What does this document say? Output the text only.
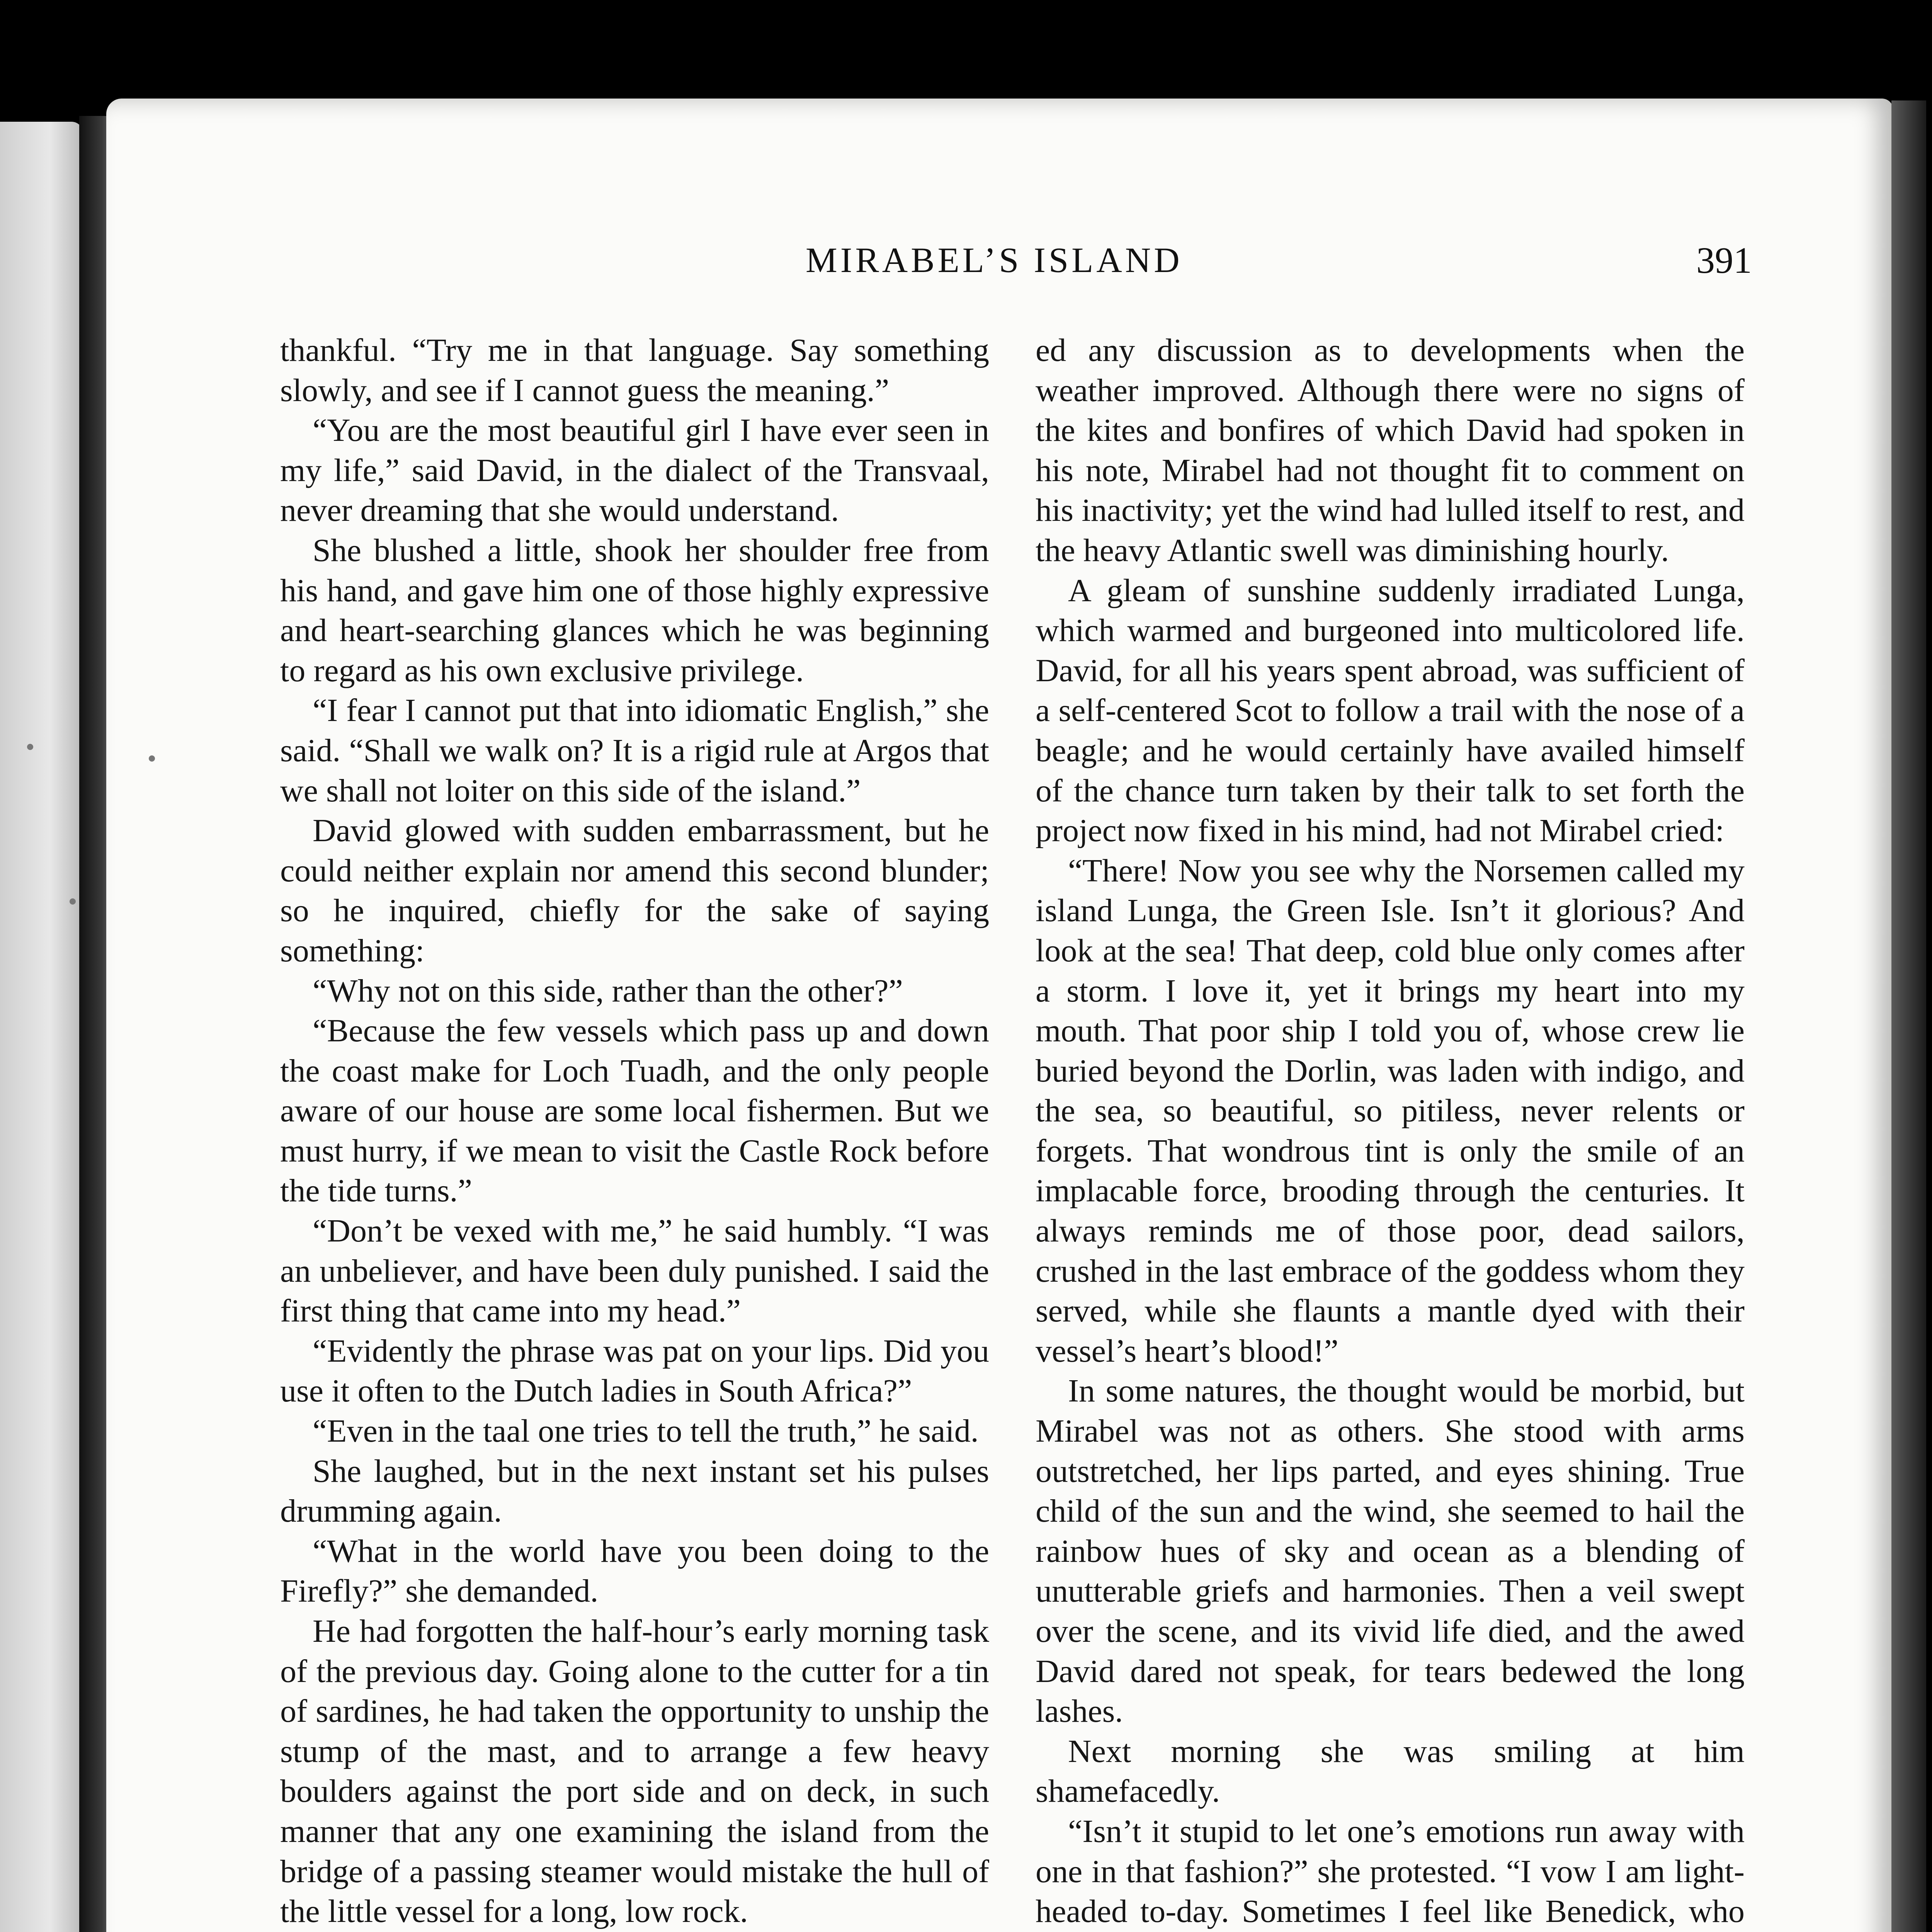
MIRABEL’S ISLAND	391

thankful. “Try me in that language. Say something slowly, and see if I cannot guess the meaning.”

“You are the most beautiful girl I have ever seen in my life,” said David, in the dialect of the Transvaal, never dreaming that she would understand.

She blushed a little, shook her shoulder free from his hand, and gave him one of those highly expressive and heart-searching glances which he was beginning to regard as his own exclusive privilege.

“I fear I cannot put that into idiomatic English,” she said. “Shall we walk on? It is a rigid rule at Argos that we shall not loiter on this side of the island.”

David glowed with sudden embarrassment, but he could neither explain nor amend this second blunder; so he inquired, chiefly for the sake of saying something:

“Why not on this side, rather than the other?”

“Because the few vessels which pass up and down the coast make for Loch Tuadh, and the only people aware of our house are some local fishermen. But we must hurry, if we mean to visit the Castle Rock before the tide turns.”

“Don’t be vexed with me,” he said humbly. “I was an unbeliever, and have been duly punished. I said the first thing that came into my head.”

“Evidently the phrase was pat on your lips. Did you use it often to the Dutch ladies in South Africa?”

“Even in the taal one tries to tell the truth,” he said.

She laughed, but in the next instant set his pulses drumming again.

“What in the world have you been doing to the Firefly?” she demanded.

He had forgotten the half-hour’s early morning task of the previous day. Going alone to the cutter for a tin of sardines, he had taken the opportunity to unship the stump of the mast, and to arrange a few heavy boulders against the port side and on deck, in such manner that any one examining the island from the bridge of a passing steamer would mistake the hull of the little vessel for a long, low rock.

ed any discussion as to developments when the weather improved. Although there were no signs of the kites and bonfires of which David had spoken in his note, Mirabel had not thought fit to comment on his inactivity; yet the wind had lulled itself to rest, and the heavy Atlantic swell was diminishing hourly.

A gleam of sunshine suddenly irradiated Lunga, which warmed and burgeoned into multicolored life. David, for all his years spent abroad, was sufficient of a self-centered Scot to follow a trail with the nose of a beagle; and he would certainly have availed himself of the chance turn taken by their talk to set forth the project now fixed in his mind, had not Mirabel cried:

“There! Now you see why the Norsemen called my island Lunga, the Green Isle. Isn’t it glorious? And look at the sea! That deep, cold blue only comes after a storm. I love it, yet it brings my heart into my mouth. That poor ship I told you of, whose crew lie buried beyond the Dorlin, was laden with indigo, and the sea, so beautiful, so pitiless, never relents or forgets. That wondrous tint is only the smile of an implacable force, brooding through the centuries. It always reminds me of those poor, dead sailors, crushed in the last embrace of the goddess whom they served, while she flaunts a mantle dyed with their vessel’s heart’s blood!”

In some natures, the thought would be morbid, but Mirabel was not as others. She stood with arms outstretched, her lips parted, and eyes shining. True child of the sun and the wind, she seemed to hail the rainbow hues of sky and ocean as a blending of unutterable griefs and harmonies. Then a veil swept over the scene, and its vivid life died, and the awed David dared not speak, for tears bedewed the long lashes.

Next morning she was smiling at him shamefacedly.

“Isn’t it stupid to let one’s emotions run away with one in that fashion?” she protested. “I vow I am light-headed to-day. Sometimes I feel like Benedick, who
